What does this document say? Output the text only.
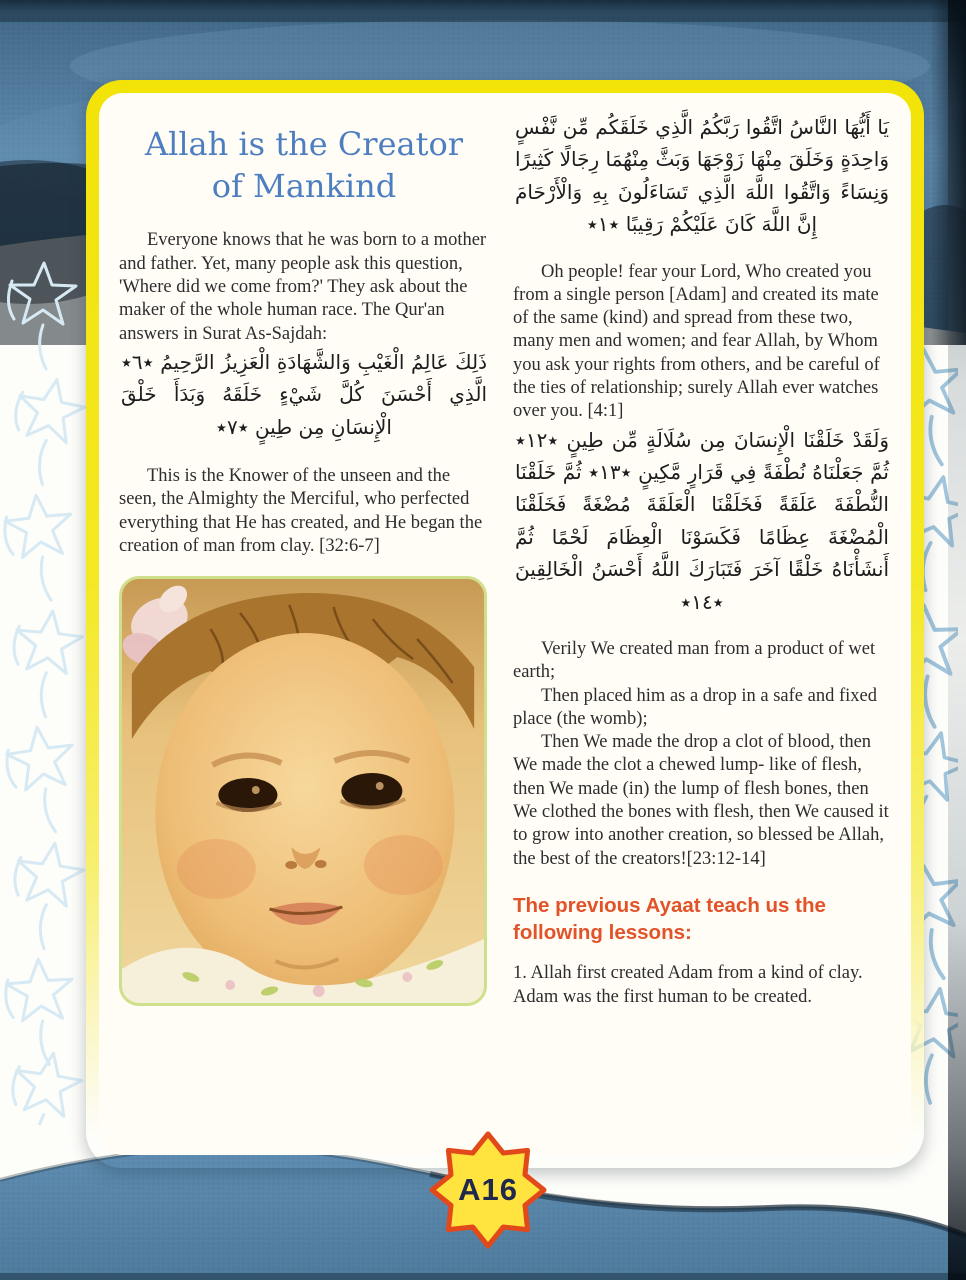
Allah is the Creator
of Mankind

Everyone knows that he was born to a mother and father. Yet, many people ask this question, 'Where did we come from?' They ask about the maker of the whole human race. The Qur'an answers in Surat As-Sajdah:

ذَلِكَ عَالِمُ الْغَيْبِ وَالشَّهَادَةِ الْعَزِيزُ الرَّحِيمُ ٭٦٭ الَّذِي أَحْسَنَ كُلَّ شَيْءٍ خَلَقَهُ وَبَدَأَ خَلْقَ الْإِنسَانِ مِن طِينٍ ٭٧٭

This is the Knower of the unseen and the seen, the Almighty the Merciful, who perfected everything that He has created, and He began the creation of man from clay. [32:6-7]

يَا أَيُّهَا النَّاسُ اتَّقُوا رَبَّكُمُ الَّذِي خَلَقَكُم مِّن نَّفْسٍ وَاحِدَةٍ وَخَلَقَ مِنْهَا زَوْجَهَا وَبَثَّ مِنْهُمَا رِجَالًا كَثِيرًا وَنِسَاءً وَاتَّقُوا اللَّهَ الَّذِي تَسَاءَلُونَ بِهِ وَالْأَرْحَامَ إِنَّ اللَّهَ كَانَ عَلَيْكُمْ رَقِيبًا ٭١٭

Oh people! fear your Lord, Who created you from a single person [Adam] and created its mate of the same (kind) and spread from these two, many men and women; and fear Allah, by Whom you ask your rights from others, and be careful of the ties of relationship; surely Allah ever watches over you. [4:1]

وَلَقَدْ خَلَقْنَا الْإِنسَانَ مِن سُلَالَةٍ مِّن طِينٍ ٭١٢٭ ثُمَّ جَعَلْنَاهُ نُطْفَةً فِي قَرَارٍ مَّكِينٍ ٭١٣٭ ثُمَّ خَلَقْنَا النُّطْفَةَ عَلَقَةً فَخَلَقْنَا الْعَلَقَةَ مُضْغَةً فَخَلَقْنَا الْمُضْغَةَ عِظَامًا فَكَسَوْنَا الْعِظَامَ لَحْمًا ثُمَّ أَنشَأْنَاهُ خَلْقًا آخَرَ فَتَبَارَكَ اللَّهُ أَحْسَنُ الْخَالِقِينَ ٭١٤٭

Verily We created man from a product of wet earth;

Then placed him as a drop in a safe and fixed place (the womb);

Then We made the drop a clot of blood, then We made the clot a chewed lump- like of flesh, then We made (in) the lump of flesh bones, then We clothed the bones with flesh, then We caused it to grow into another creation, so blessed be Allah, the best of the creators![23:12-14]

The previous Ayaat teach us the following lessons:

1. Allah first created Adam from a kind of clay. Adam was the first human to be created.

A16
